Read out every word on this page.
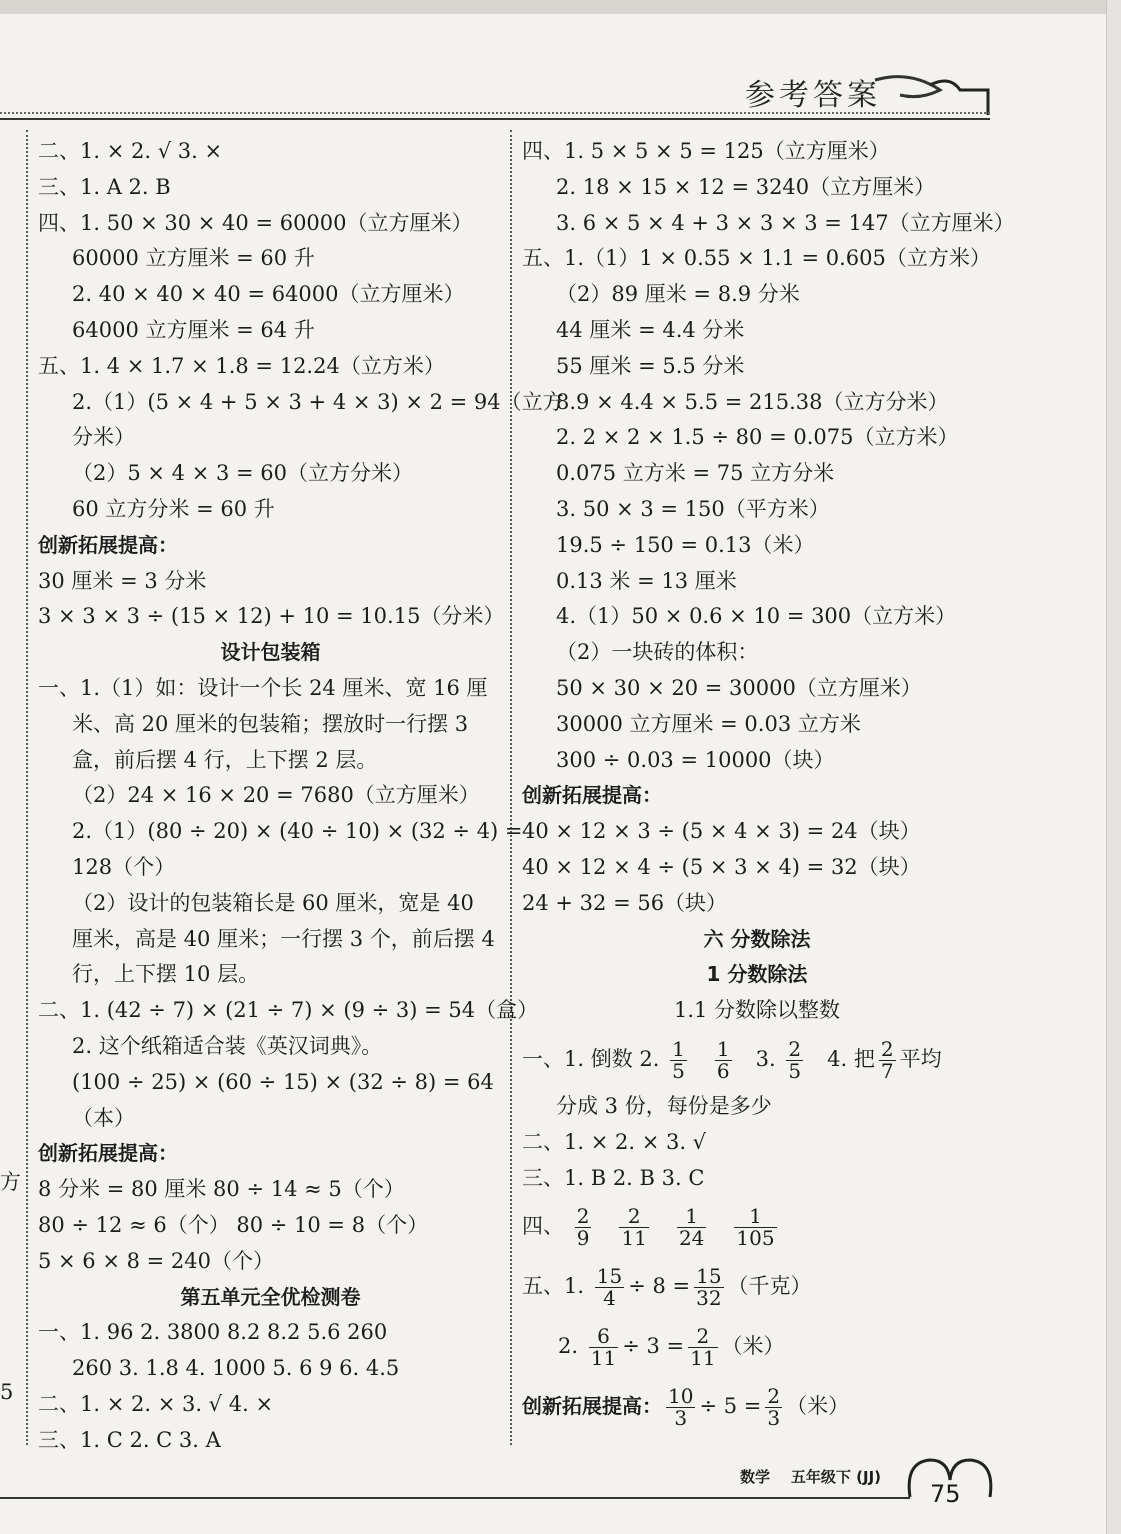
参考答案
方
5
二、1. × 2. √ 3. ×
三、1. A 2. B
四、1. 50 × 30 × 40 = 60000（立方厘米）
60000 立方厘米 = 60 升
2. 40 × 40 × 40 = 64000（立方厘米）
64000 立方厘米 = 64 升
五、1. 4 × 1.7 × 1.8 = 12.24（立方米）
2.（1）(5 × 4 + 5 × 3 + 4 × 3) × 2 = 94（立方
分米）
（2）5 × 4 × 3 = 60（立方分米）
60 立方分米 = 60 升
创新拓展提高：
30 厘米 = 3 分米
3 × 3 × 3 ÷ (15 × 12) + 10 = 10.15（分米）
设计包装箱
一、1.（1）如：设计一个长 24 厘米、宽 16 厘
米、高 20 厘米的包装箱；摆放时一行摆 3
盒，前后摆 4 行，上下摆 2 层。
（2）24 × 16 × 20 = 7680（立方厘米）
2.（1）(80 ÷ 20) × (40 ÷ 10) × (32 ÷ 4) =
128（个）
（2）设计的包装箱长是 60 厘米，宽是 40
厘米，高是 40 厘米；一行摆 3 个，前后摆 4
行，上下摆 10 层。
二、1. (42 ÷ 7) × (21 ÷ 7) × (9 ÷ 3) = 54（盒）
2. 这个纸箱适合装《英汉词典》。
(100 ÷ 25) × (60 ÷ 15) × (32 ÷ 8) = 64
（本）
创新拓展提高：
8 分米 = 80 厘米 80 ÷ 14 ≈ 5（个）
80 ÷ 12 ≈ 6（个） 80 ÷ 10 = 8（个）
5 × 6 × 8 = 240（个）
第五单元全优检测卷
一、1. 96 2. 3800 8.2 8.2 5.6 260
260 3. 1.8 4. 1000 5. 6 9 6. 4.5
二、1. × 2. × 3. √ 4. ×
三、1. C 2. C 3. A
四、1. 5 × 5 × 5 = 125（立方厘米）
2. 18 × 15 × 12 = 3240（立方厘米）
3. 6 × 5 × 4 + 3 × 3 × 3 = 147（立方厘米）
五、1.（1）1 × 0.55 × 1.1 = 0.605（立方米）
（2）89 厘米 = 8.9 分米
44 厘米 = 4.4 分米
55 厘米 = 5.5 分米
8.9 × 4.4 × 5.5 = 215.38（立方分米）
2. 2 × 2 × 1.5 ÷ 80 = 0.075（立方米）
0.075 立方米 = 75 立方分米
3. 50 × 3 = 150（平方米）
19.5 ÷ 150 = 0.13（米）
0.13 米 = 13 厘米
4.（1）50 × 0.6 × 10 = 300（立方米）
（2）一块砖的体积：
50 × 30 × 20 = 30000（立方厘米）
30000 立方厘米 = 0.03 立方米
300 ÷ 0.03 = 10000（块）
创新拓展提高：
40 × 12 × 3 ÷ (5 × 4 × 3) = 24（块）
40 × 12 × 4 ÷ (5 × 3 × 4) = 32（块）
24 + 32 = 56（块）
六 分数除法
1 分数除法
1.1 分数除以整数
一、1. 倒数 2. $\frac{1}{5}$
$\frac{1}{6} 3$. $\frac{2}{5} 4$. 把 $\frac{2}{7}$ 平均
分成 3 份，每份是多少
二、1. × 2. × 3. √
三、1. B 2. B 3. C
四、 $\frac{2}{9}$
$\frac{2}{11}$
$\frac{1}{24}$
$\frac{1}{105}$
五、1. $\frac{15}{4} \div 8 = \frac{15}{32}$ （千克）
2. $\frac{6}{11} \div 3 = \frac{2}{11}$ （米）
创新拓展提高： $\frac{10}{3} \div 5 = \frac{2}{3}$ （米）
数学 五年级下 (JJ)
75
